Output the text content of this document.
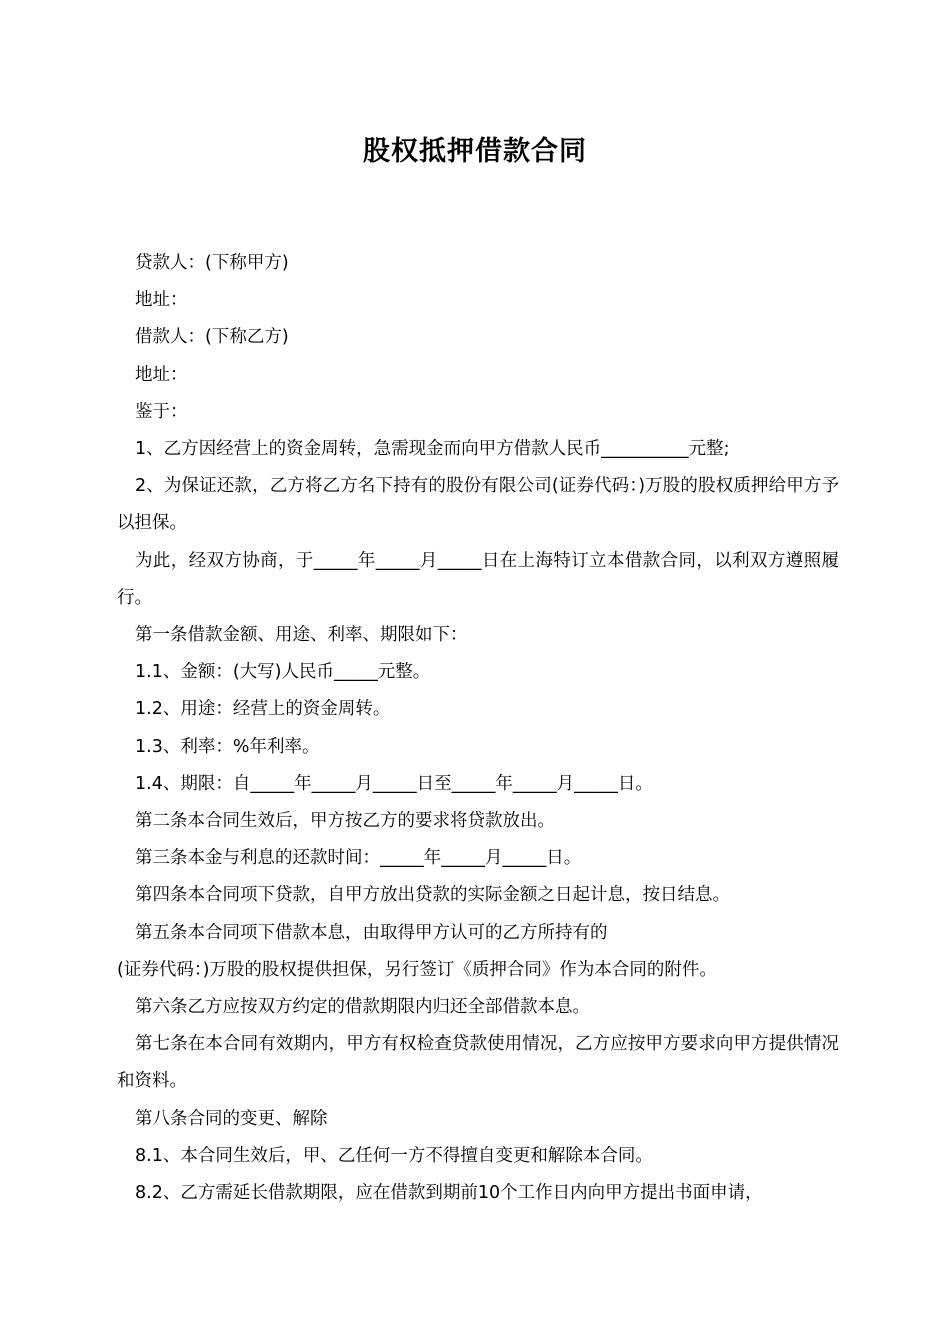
股权抵押借款合同

贷款人：(下称甲方)

地址：

借款人：(下称乙方)

地址：

鉴于：

1、乙方因经营上的资金周转，急需现金而向甲方借款人民币__________元整;

2、为保证还款，乙方将乙方名下持有的股份有限公司(证券代码：)万股的股权质押给甲方予以担保。

为此，经双方协商，于_____年_____月_____日在上海特订立本借款合同，以利双方遵照履行。

第一条借款金额、用途、利率、期限如下：

1.1、金额：(大写)人民币_____元整。

1.2、用途：经营上的资金周转。

1.3、利率：%年利率。

1.4、期限：自_____年_____月_____日至_____年_____月_____日。

第二条本合同生效后，甲方按乙方的要求将贷款放出。

第三条本金与利息的还款时间：_____年_____月_____日。

第四条本合同项下贷款，自甲方放出贷款的实际金额之日起计息，按日结息。

第五条本合同项下借款本息，由取得甲方认可的乙方所持有的

(证券代码：)万股的股权提供担保，另行签订《质押合同》作为本合同的附件。

第六条乙方应按双方约定的借款期限内归还全部借款本息。

第七条在本合同有效期内，甲方有权检查贷款使用情况，乙方应按甲方要求向甲方提供情况和资料。

第八条合同的变更、解除

8.1、本合同生效后，甲、乙任何一方不得擅自变更和解除本合同。

8.2、乙方需延长借款期限，应在借款到期前10个工作日内向甲方提出书面申请，
